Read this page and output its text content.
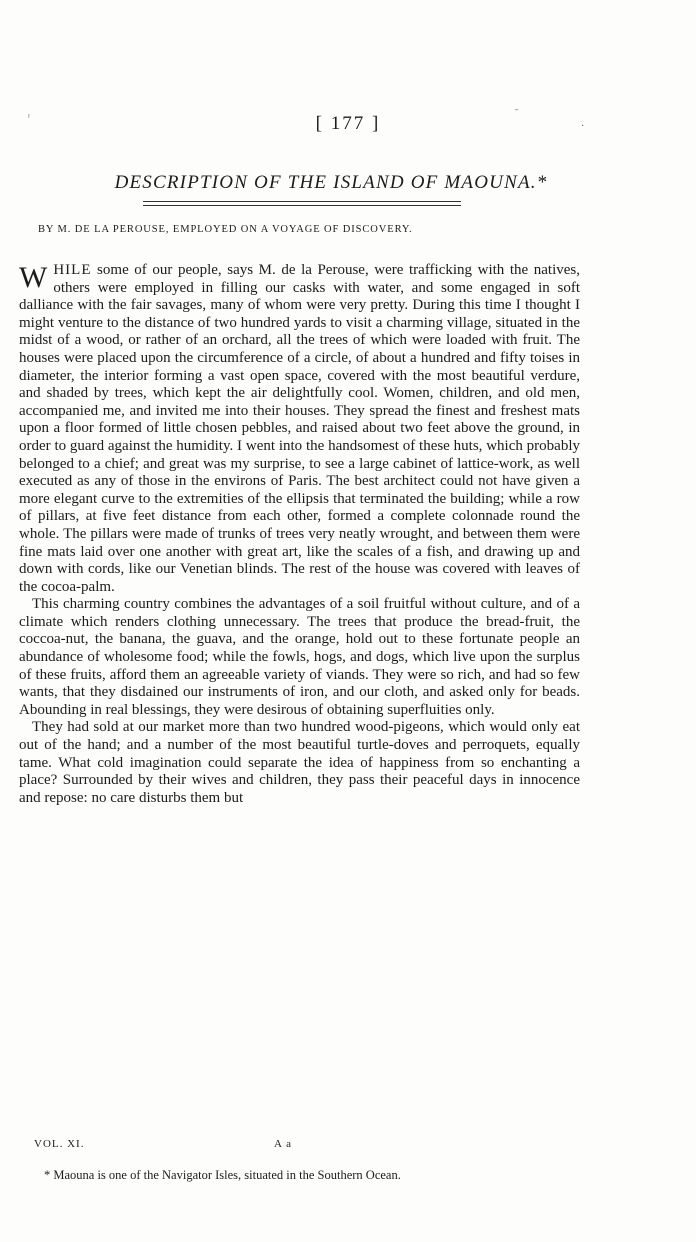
ʳ	ˉ
·
[ 177 ]
DESCRIPTION OF THE ISLAND OF MAOUNA.*
BY M. DE LA PEROUSE, EMPLOYED ON A VOYAGE OF DISCOVERY.

WHILE some of our people, says M. de la Perouse, were trafficking with the natives, others were employed in filling our casks with water, and some engaged in soft dalliance with the fair savages, many of whom were very pretty. During this time I thought I might venture to the distance of two hundred yards to visit a charming village, situated in the midst of a wood, or rather of an orchard, all the trees of which were loaded with fruit. The houses were placed upon the circumference of a circle, of about a hundred and fifty toises in diameter, the interior forming a vast open space, covered with the most beautiful verdure, and shaded by trees, which kept the air delightfully cool. Women, children, and old men, accompanied me, and invited me into their houses. They spread the finest and freshest mats upon a floor formed of little chosen pebbles, and raised about two feet above the ground, in order to guard against the humidity. I went into the handsomest of these huts, which probably belonged to a chief; and great was my surprise, to see a large cabinet of lattice-work, as well executed as any of those in the environs of Paris. The best architect could not have given a more elegant curve to the extremities of the ellipsis that terminated the building; while a row of pillars, at five feet distance from each other, formed a complete colonnade round the whole. The pillars were made of trunks of trees very neatly wrought, and between them were fine mats laid over one another with great art, like the scales of a fish, and drawing up and down with cords, like our Venetian blinds. The rest of the house was covered with leaves of the cocoa-palm.

This charming country combines the advantages of a soil fruitful without culture, and of a climate which renders clothing unnecessary. The trees that produce the bread-fruit, the coccoa-nut, the banana, the guava, and the orange, hold out to these fortunate people an abundance of wholesome food; while the fowls, hogs, and dogs, which live upon the surplus of these fruits, afford them an agreeable variety of viands. They were so rich, and had so few wants, that they disdained our instruments of iron, and our cloth, and asked only for beads. Abounding in real blessings, they were desirous of obtaining superfluities only.

They had sold at our market more than two hundred wood-pigeons, which would only eat out of the hand; and a number of the most beautiful turtle-doves and perroquets, equally tame. What cold imagination could separate the idea of happiness from so enchanting a place? Surrounded by their wives and children, they pass their peaceful days in innocence and repose: no care disturbs them but

VOL. XI.	A a
* Maouna is one of the Navigator Isles, situated in the Southern Ocean.
